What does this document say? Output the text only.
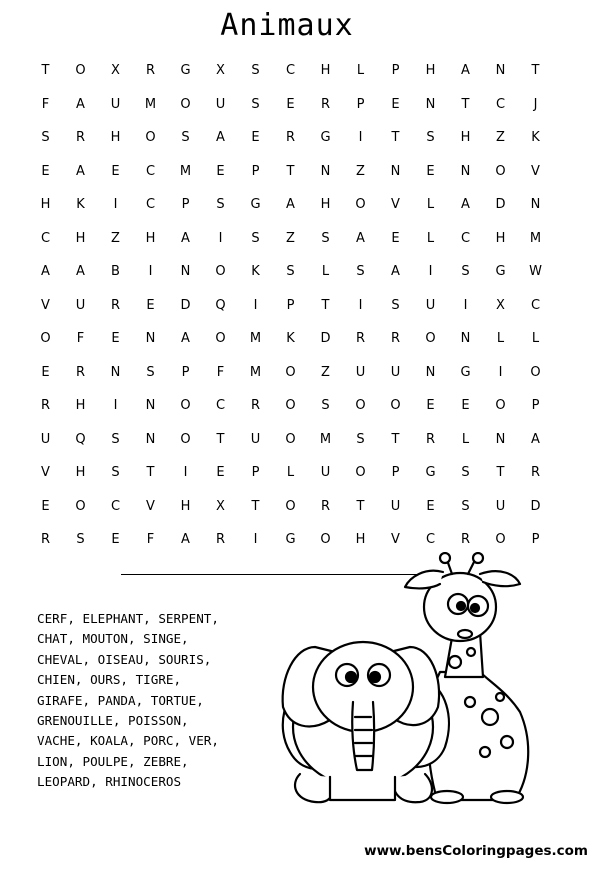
Animaux
T	O	X	R	G	X	S	C	H	L	P	H	A	N	T
F	A	U	M	O	U	S	E	R	P	E	N	T	C	J
S	R	H	O	S	A	E	R	G	I	T	S	H	Z	K
E	A	E	C	M	E	P	T	N	Z	N	E	N	O	V
H	K	I	C	P	S	G	A	H	O	V	L	A	D	N
C	H	Z	H	A	I	S	Z	S	A	E	L	C	H	M
A	A	B	I	N	O	K	S	L	S	A	I	S	G	W
V	U	R	E	D	Q	I	P	T	I	S	U	I	X	C
O	F	E	N	A	O	M	K	D	R	R	O	N	L	L
E	R	N	S	P	F	M	O	Z	U	U	N	G	I	O
R	H	I	N	O	C	R	O	S	O	O	E	E	O	P
U	Q	S	N	O	T	U	O	M	S	T	R	L	N	A
V	H	S	T	I	E	P	L	U	O	P	G	S	T	R
E	O	C	V	H	X	T	O	R	T	U	E	S	U	D
R	S	E	F	A	R	I	G	O	H	V	C	R	O	P
CERF, ELEPHANT, SERPENT,
CHAT, MOUTON, SINGE,
CHEVAL, OISEAU, SOURIS,
CHIEN, OURS, TIGRE,
GIRAFE, PANDA, TORTUE,
GRENOUILLE, POISSON,
VACHE, KOALA, PORC, VER,
LION, POULPE, ZEBRE,
LEOPARD, RHINOCEROS
www.bensColoringpages.com
